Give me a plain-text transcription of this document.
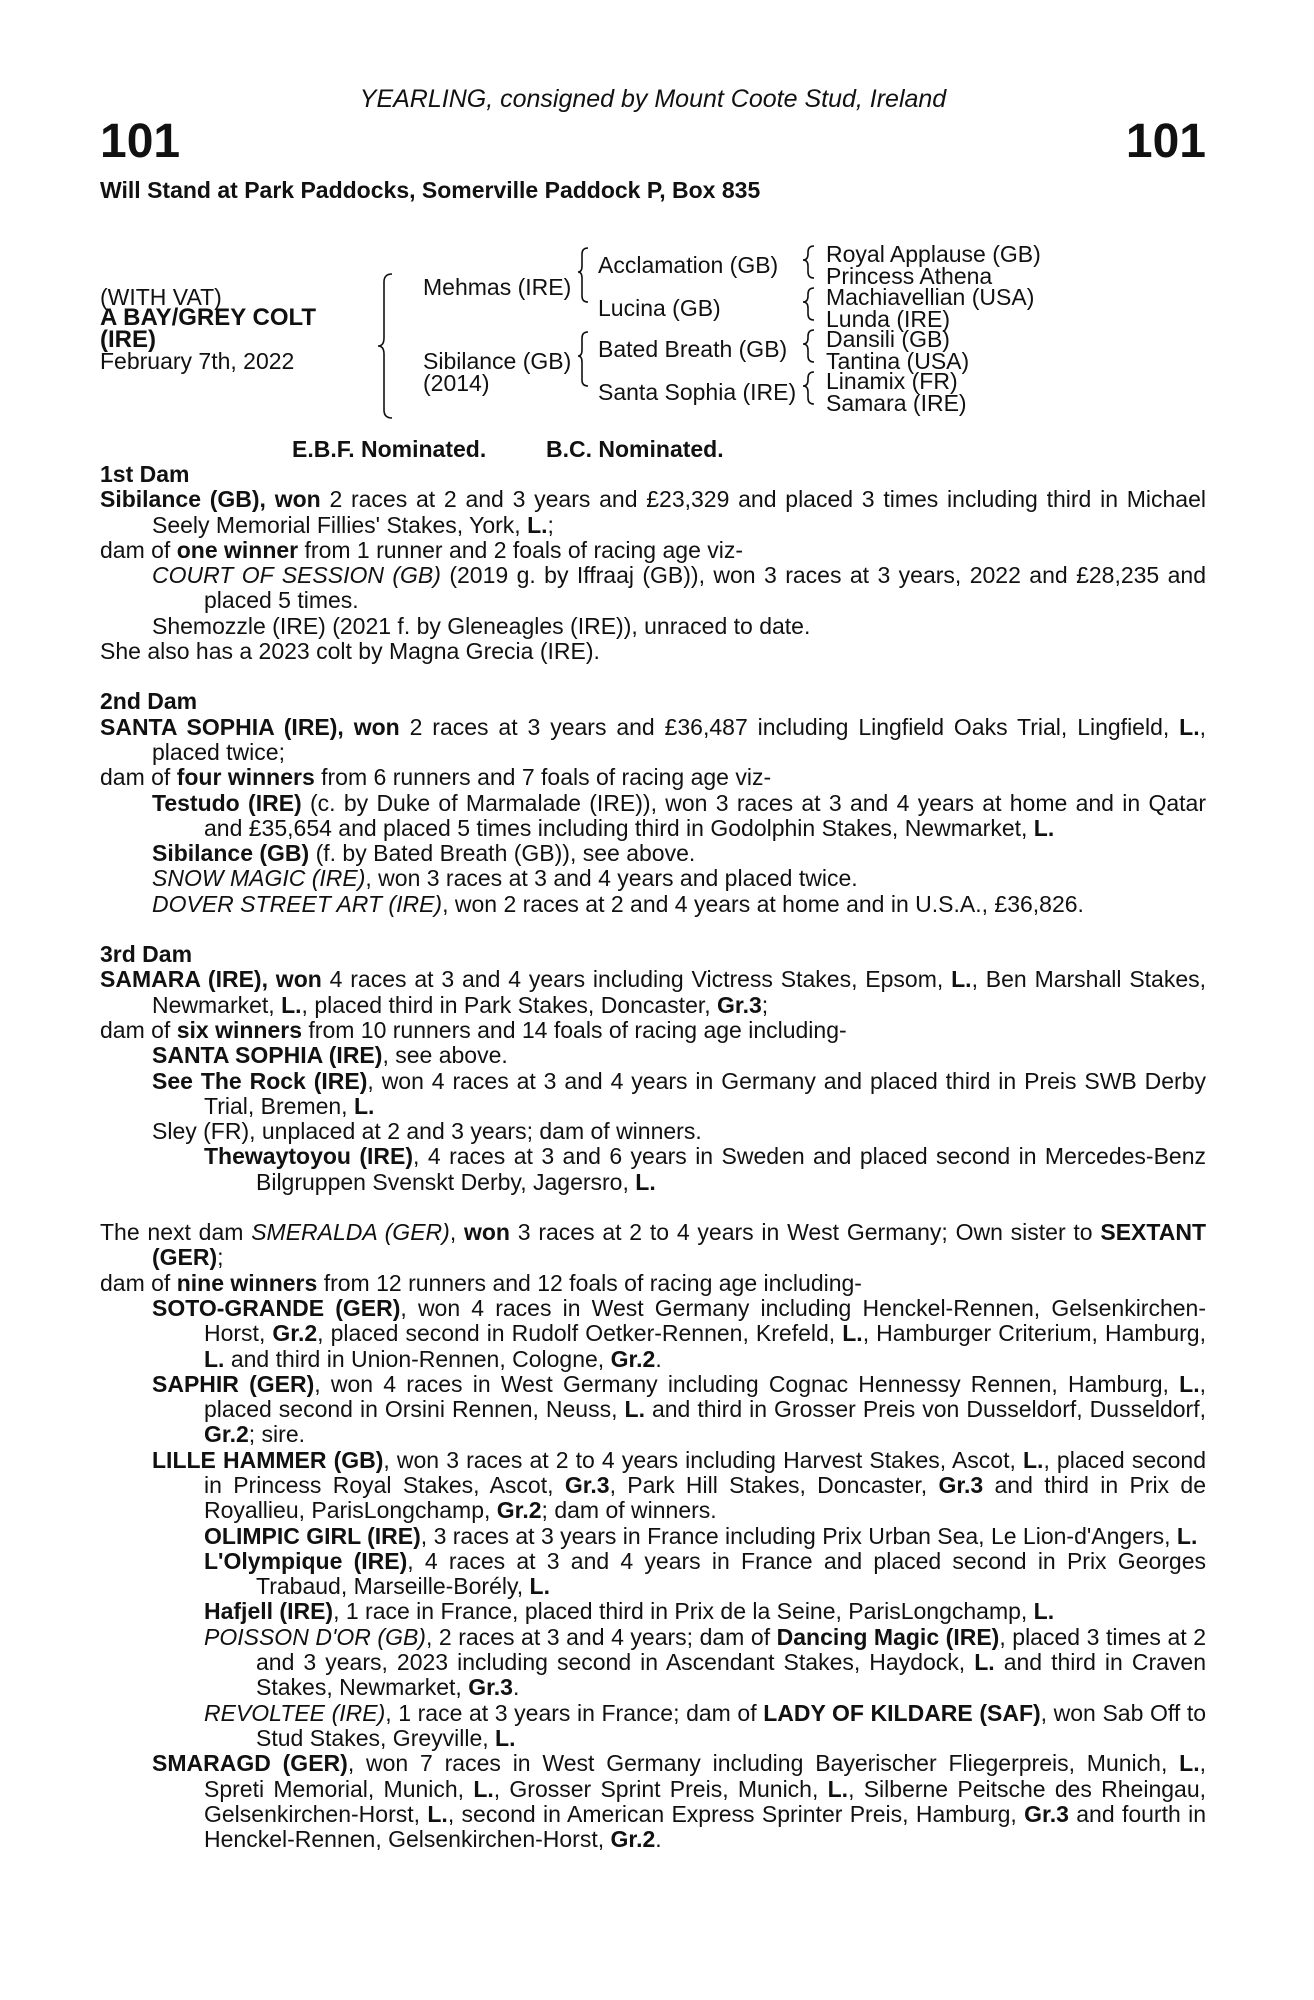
YEARLING, consigned by Mount Coote Stud, Ireland
101	101
Will Stand at Park Paddocks, Somerville Paddock P, Box 835
(WITH VAT)
A BAY/GREY COLT
(IRE)
February 7th, 2022
Mehmas (IRE)
Sibilance (GB)
(2014)
Acclamation (GB)
Lucina (GB)
Bated Breath (GB)
Santa Sophia (IRE)
Royal Applause (GB)
Princess Athena
Machiavellian (USA)
Lunda (IRE)
Dansili (GB)
Tantina (USA)
Linamix (FR)
Samara (IRE)
E.B.F. Nominated.	B.C. Nominated.

1st Dam

Sibilance (GB), won 2 races at 2 and 3 years and £23,329 and placed 3 times including third in Michael Seely Memorial Fillies' Stakes, York, L.;

dam of one winner from 1 runner and 2 foals of racing age viz-

COURT OF SESSION (GB) (2019 g. by Iffraaj (GB)), won 3 races at 3 years, 2022 and £28,235 and placed 5 times.

Shemozzle (IRE) (2021 f. by Gleneagles (IRE)), unraced to date.

She also has a 2023 colt by Magna Grecia (IRE).

2nd Dam

SANTA SOPHIA (IRE), won 2 races at 3 years and £36,487 including Lingfield Oaks Trial, Lingfield, L., placed twice;

dam of four winners from 6 runners and 7 foals of racing age viz-

Testudo (IRE) (c. by Duke of Marmalade (IRE)), won 3 races at 3 and 4 years at home and in Qatar and £35,654 and placed 5 times including third in Godolphin Stakes, Newmarket, L.

Sibilance (GB) (f. by Bated Breath (GB)), see above.

SNOW MAGIC (IRE), won 3 races at 3 and 4 years and placed twice.

DOVER STREET ART (IRE), won 2 races at 2 and 4 years at home and in U.S.A., £36,826.

3rd Dam

SAMARA (IRE), won 4 races at 3 and 4 years including Victress Stakes, Epsom, L., Ben Marshall Stakes, Newmarket, L., placed third in Park Stakes, Doncaster, Gr.3;

dam of six winners from 10 runners and 14 foals of racing age including-

SANTA SOPHIA (IRE), see above.

See The Rock (IRE), won 4 races at 3 and 4 years in Germany and placed third in Preis SWB Derby Trial, Bremen, L.

Sley (FR), unplaced at 2 and 3 years; dam of winners.

Thewaytoyou (IRE), 4 races at 3 and 6 years in Sweden and placed second in Mercedes-Benz Bilgruppen Svenskt Derby, Jagersro, L.

The next dam SMERALDA (GER), won 3 races at 2 to 4 years in West Germany; Own sister to SEXTANT (GER);

dam of nine winners from 12 runners and 12 foals of racing age including-

SOTO-GRANDE (GER), won 4 races in West Germany including Henckel-Rennen, Gelsenkirchen-Horst, Gr.2, placed second in Rudolf Oetker-Rennen, Krefeld, L., Hamburger Criterium, Hamburg, L. and third in Union-Rennen, Cologne, Gr.2.

SAPHIR (GER), won 4 races in West Germany including Cognac Hennessy Rennen, Hamburg, L., placed second in Orsini Rennen, Neuss, L. and third in Grosser Preis von Dusseldorf, Dusseldorf, Gr.2; sire.

LILLE HAMMER (GB), won 3 races at 2 to 4 years including Harvest Stakes, Ascot, L., placed second in Princess Royal Stakes, Ascot, Gr.3, Park Hill Stakes, Doncaster, Gr.3 and third in Prix de Royallieu, ParisLongchamp, Gr.2; dam of winners.

OLIMPIC GIRL (IRE), 3 races at 3 years in France including Prix Urban Sea, Le Lion-d'Angers, L.

L'Olympique (IRE), 4 races at 3 and 4 years in France and placed second in Prix Georges Trabaud, Marseille-Borély, L.

Hafjell (IRE), 1 race in France, placed third in Prix de la Seine, ParisLongchamp, L.

POISSON D'OR (GB), 2 races at 3 and 4 years; dam of Dancing Magic (IRE), placed 3 times at 2 and 3 years, 2023 including second in Ascendant Stakes, Haydock, L. and third in Craven Stakes, Newmarket, Gr.3.

REVOLTEE (IRE), 1 race at 3 years in France; dam of LADY OF KILDARE (SAF), won Sab Off to Stud Stakes, Greyville, L.

SMARAGD (GER), won 7 races in West Germany including Bayerischer Fliegerpreis, Munich, L., Spreti Memorial, Munich, L., Grosser Sprint Preis, Munich, L., Silberne Peitsche des Rheingau, Gelsenkirchen-Horst, L., second in American Express Sprinter Preis, Hamburg, Gr.3 and fourth in Henckel-Rennen, Gelsenkirchen-Horst, Gr.2.
